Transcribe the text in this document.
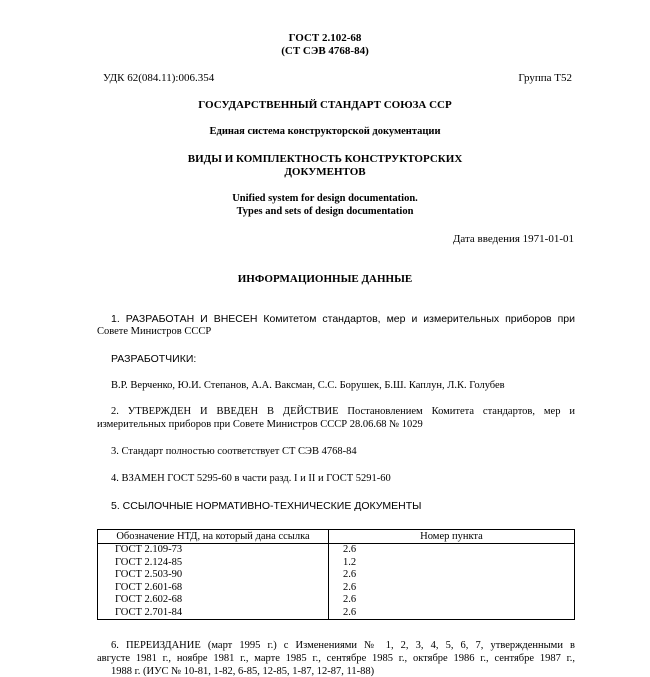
ГОСТ 2.102-68
(СТ СЭВ 4768-84)
УДК 62(084.11):006.354	Группа Т52
ГОСУДАРСТВЕННЫЙ СТАНДАРТ СОЮЗА ССР
Единая система конструкторской документации
ВИДЫ И КОМПЛЕКТНОСТЬ КОНСТРУКТОРСКИХ
ДОКУМЕНТОВ
Unified system for design documentation.
Types and sets of design documentation
Дата введения 1971-01-01
ИНФОРМАЦИОННЫЕ ДАННЫЕ
1. РАЗРАБОТАН И ВНЕСЕН Комитетом стандартов, мер и измерительных приборов при
Совете Министров СССР
РАЗРАБОТЧИКИ:
В.Р. Верченко, Ю.И. Степанов, А.А. Ваксман, С.С. Борушек, Б.Ш. Каплун, Л.К. Голубев
2. УТВЕРЖДЕН И ВВЕДЕН В ДЕЙСТВИЕ Постановлением Комитета стандартов, мер и
измерительных приборов при Совете Министров СССР 28.06.68 № 1029
3. Стандарт полностью соответствует СТ СЭВ 4768-84
4. ВЗАМЕН ГОСТ 5295-60 в части разд. I и II и ГОСТ 5291-60
5. ССЫЛОЧНЫЕ НОРМАТИВНО-ТЕХНИЧЕСКИЕ ДОКУМЕНТЫ
Обозначение НТД, на который дана ссылка	Номер пункта
ГОСТ 2.109-73	2.6
ГОСТ 2.124-85	1.2
ГОСТ 2.503-90	2.6
ГОСТ 2.601-68	2.6
ГОСТ 2.602-68	2.6
ГОСТ 2.701-84	2.6
6. ПЕРЕИЗДАНИЕ (март 1995 г.) с Изменениями № 1, 2, 3, 4, 5, 6, 7, утвержденными в
августе 1981 г., ноябре 1981 г., марте 1985 г., сентябре 1985 г., октябре 1986 г., сентябре 1987 г.,
1988 г. (ИУС № 10-81, 1-82, 6-85, 12-85, 1-87, 12-87, 11-88)
